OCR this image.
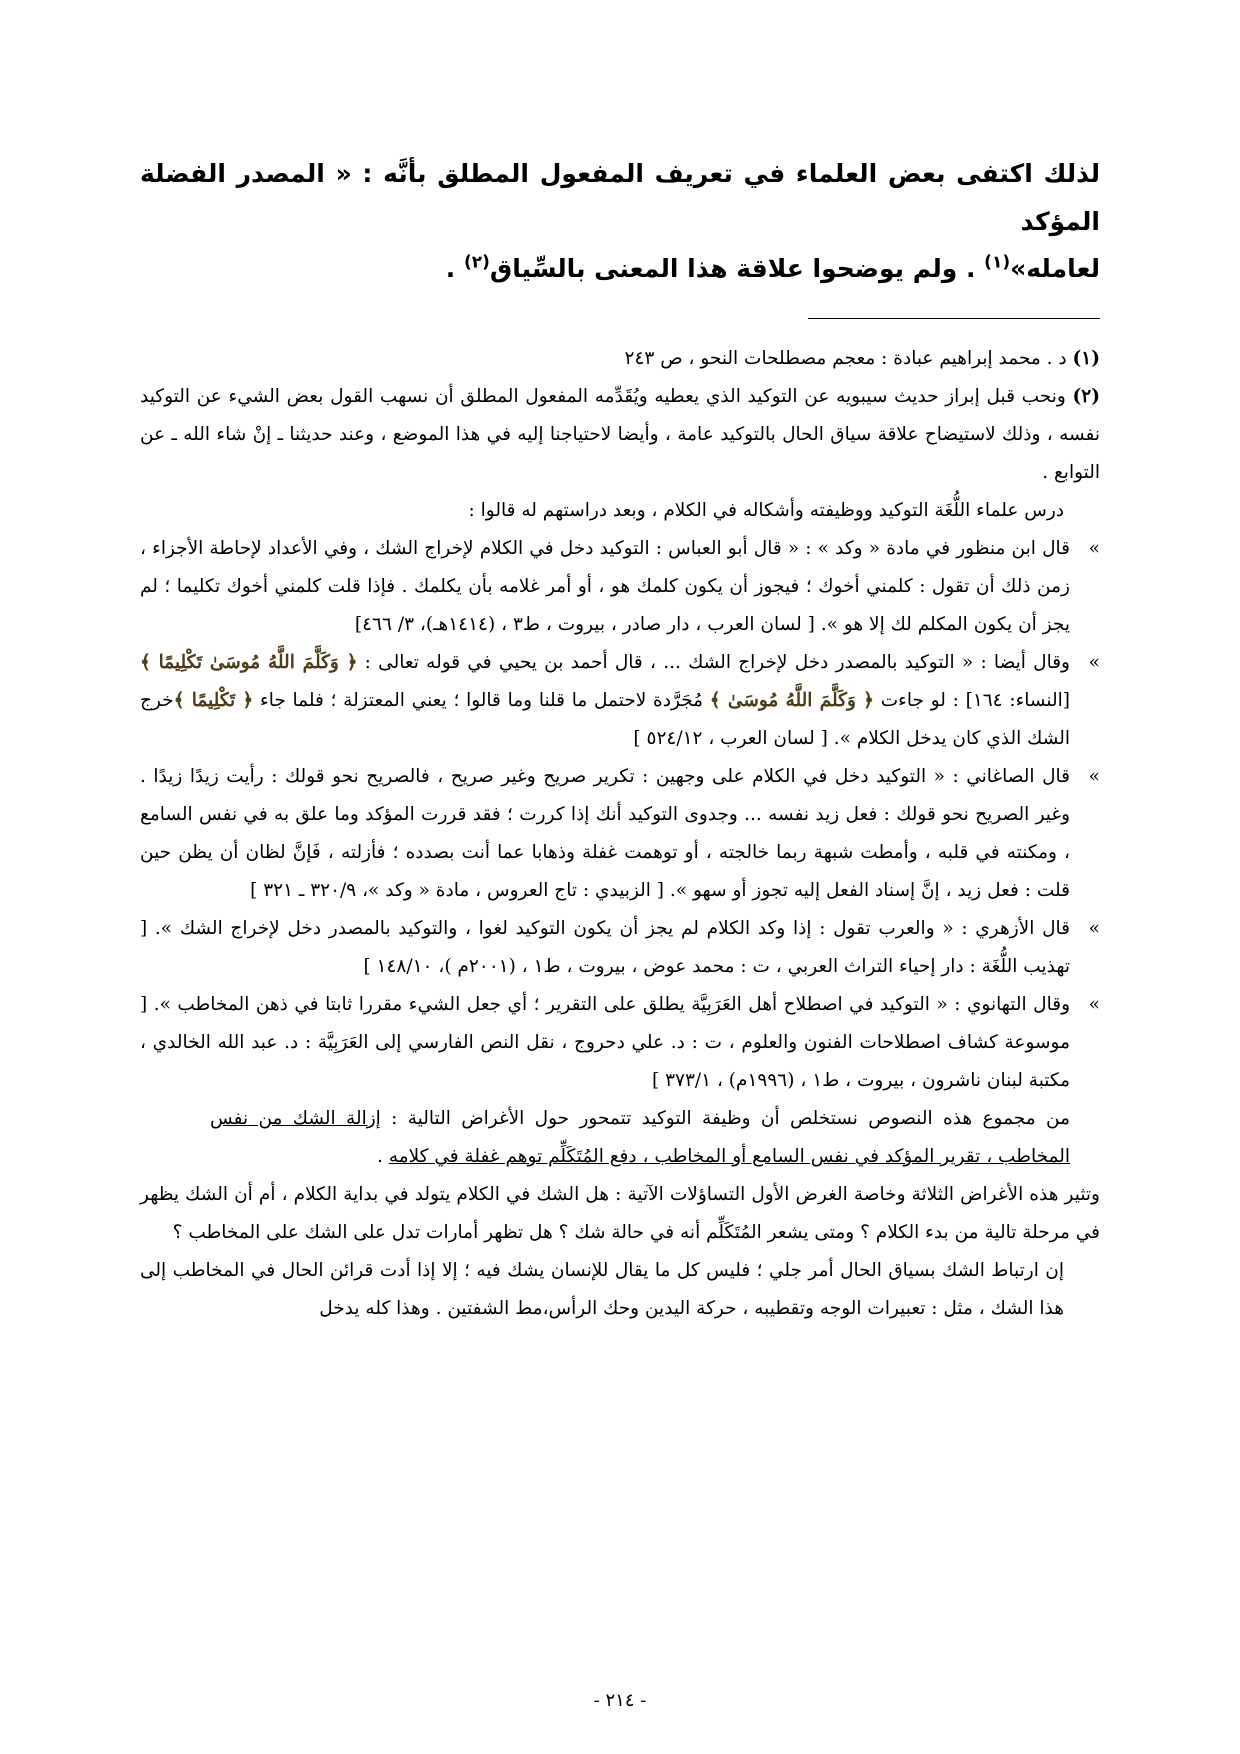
لذلك اكتفى بعض العلماء في تعريف المفعول المطلق بأنَّه : « المصدر الفضلة المؤكد
لعامله»$^{(١)}$ . ولم يوضحوا علاقة هذا المعنى بالسِّياق$^{(٢)}$ .

(١) د . محمد إبراهيم عبادة : معجم مصطلحات النحو ، ص ٢٤٣

(٢) ونحب قبل إبراز حديث سيبويه عن التوكيد الذي يعطيه ويُقَدِّمه المفعول المطلق أن نسهب القول بعض الشيء عن التوكيد نفسه ، وذلك لاستيضاح علاقة سياق الحال بالتوكيد عامة ، وأيضا لاحتياجنا إليه في هذا الموضع ، وعند حديثنا ـ إنْ شاء الله ـ عن التوابع .

درس علماء اللُّغَة التوكيد ووظيفته وأشكاله في الكلام ، وبعد دراستهم له قالوا :

»
قال ابن منظور في مادة « وكد » : « قال أبو العباس : التوكيد دخل في الكلام لإخراج الشك ، وفي الأعداد لإحاطة الأجزاء ، زمن ذلك أن تقول : كلمني أخوك ؛ فيجوز أن يكون كلمك هو ، أو أمر غلامه بأن يكلمك . فإذا قلت كلمني أخوك تكليما ؛ لم يجز أن يكون المكلم لك إلا هو ». [ لسان العرب ، دار صادر ، بيروت ، ط٣ ، (١٤١٤هـ)، ٣/ ٤٦٦]

»
وقال أيضا : « التوكيد بالمصدر دخل لإخراج الشك ... ، قال أحمد بن يحيي في قوله تعالى : ﴿ وَكَلَّمَ اللَّهُ مُوسَىٰ تَكْلِيمًا ﴾ [النساء: ١٦٤] : لو جاءت ﴿ وَكَلَّمَ اللَّهُ مُوسَىٰ ﴾ مُجَرَّدة لاحتمل ما قلنا وما قالوا ؛ يعني المعتزلة ؛ فلما جاء ﴿ تَكْلِيمًا ﴾خرج الشك الذي كان يدخل الكلام ». [ لسان العرب ، ٥٢٤/١٢ ]

»
قال الصاغاني : « التوكيد دخل في الكلام على وجهين : تكرير صريح وغير صريح ، فالصريح نحو قولك : رأيت زيدًا زيدًا . وغير الصريح نحو قولك : فعل زيد نفسه ... وجدوى التوكيد أنك إذا كررت ؛ فقد قررت المؤكد وما علق به في نفس السامع ، ومكنته في قلبه ، وأمطت شبهة ربما خالجته ، أو توهمت غفلة وذهابا عما أنت بصدده ؛ فأزلته ، فَإنَّ لظان أن يظن حين قلت : فعل زيد ، إنَّ إسناد الفعل إليه تجوز أو سهو ». [ الزبيدي : تاج العروس ، مادة « وكد »، ٣٢٠/٩ ـ ٣٢١ ]

»
قال الأزهري : « والعرب تقول : إذا وكد الكلام لم يجز أن يكون التوكيد لغوا ، والتوكيد بالمصدر دخل لإخراج الشك ». [ تهذيب اللُّغَة : دار إحياء التراث العربي ، ت : محمد عوض ، بيروت ، ط١ ، (٢٠٠١م )، ١٤٨/١٠ ]

»
وقال التهانوي : « التوكيد في اصطلاح أهل العَرَبِيَّة يطلق على التقرير ؛ أي جعل الشيء مقررا ثابتا في ذهن المخاطب ». [ موسوعة كشاف اصطلاحات الفنون والعلوم ، ت : د. علي دحروج ، نقل النص الفارسي إلى العَرَبِيَّة : د. عبد الله الخالدي ، مكتبة لبنان ناشرون ، بيروت ، ط١ ، (١٩٩٦م) ، ٣٧٣/١ ]

من مجموع هذه النصوص نستخلص أن وظيفة التوكيد تتمحور حول الأغراض التالية : إزالة الشك من نفس المخاطب ، تقرير المؤكد في نفس السامع أو المخاطب ، دفع المُتَكَلِّم توهم غفلة في كلامه .

وتثير هذه الأغراض الثلاثة وخاصة الغرض الأول التساؤلات الآتية : هل الشك في الكلام يتولد في بداية الكلام ، أم أن الشك يظهر في مرحلة تالية من بدء الكلام ؟ ومتى يشعر المُتَكَلِّم أنه في حالة شك ؟ هل تظهر أمارات تدل على الشك على المخاطب ؟

إن ارتباط الشك بسياق الحال أمر جلي ؛ فليس كل ما يقال للإنسان يشك فيه ؛ إلا إذا أدت قرائن الحال في المخاطب إلى هذا الشك ، مثل : تعبيرات الوجه وتقطيبه ، حركة اليدين وحك الرأس،مط الشفتين . وهذا كله يدخل

- ٢١٤ -
